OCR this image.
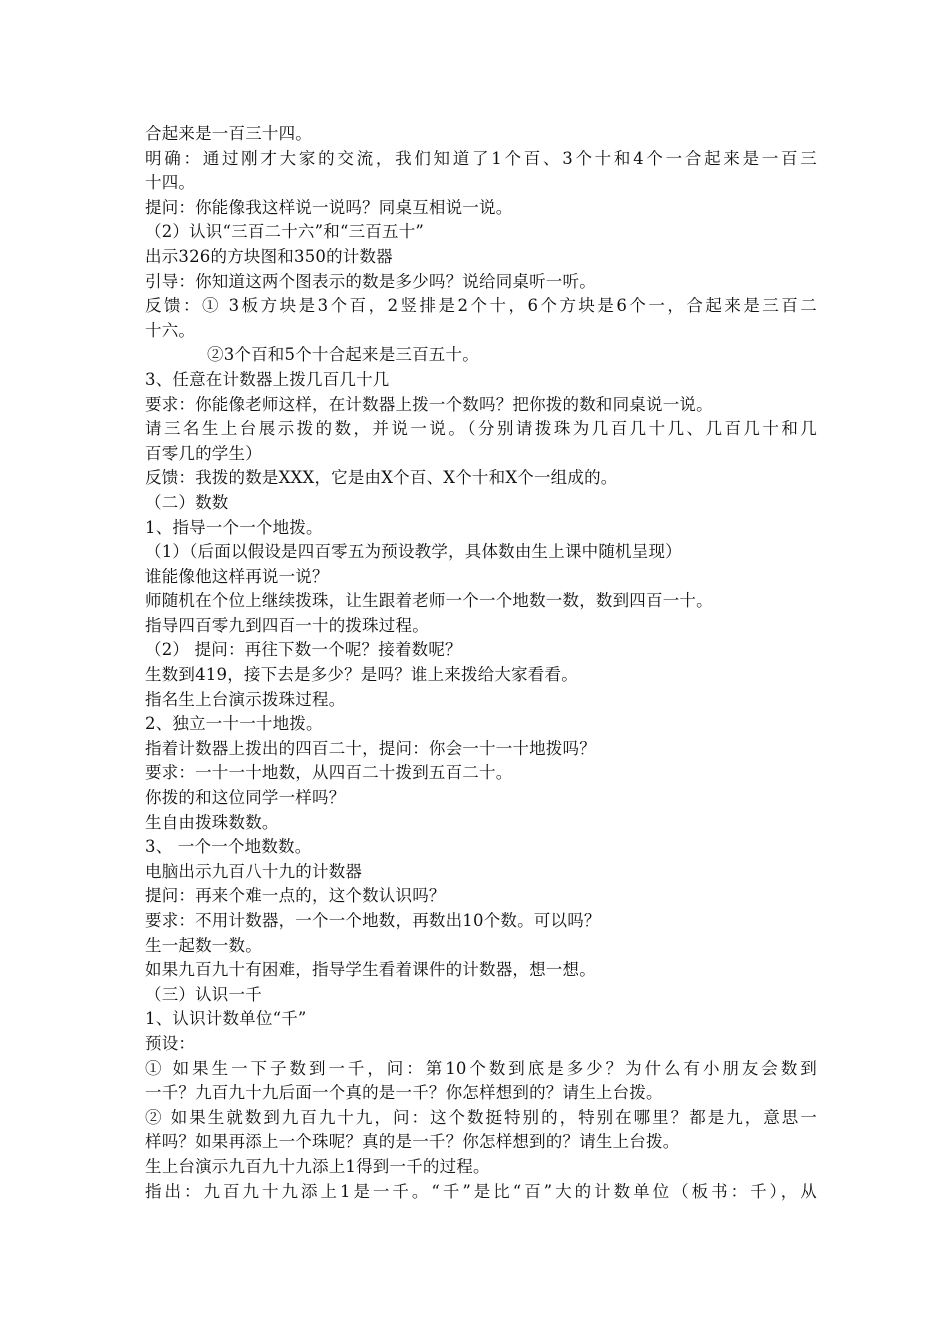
合起来是一百三十四。
明确：通过刚才大家的交流，我们知道了1个百、3个十和4个一合起来是一百三
十四。
提问：你能像我这样说一说吗？同桌互相说一说。
（2）认识“三百二十六”和“三百五十”
出示326的方块图和350的计数器
引导：你知道这两个图表示的数是多少吗？说给同桌听一听。
反馈：① 3板方块是3个百，2竖排是2个十，6个方块是6个一，合起来是三百二
十六。
②3个百和5个十合起来是三百五十。
3、任意在计数器上拨几百几十几
要求：你能像老师这样，在计数器上拨一个数吗？把你拨的数和同桌说一说。
请三名生上台展示拨的数，并说一说。（分别请拨珠为几百几十几、几百几十和几
百零几的学生）
反馈：我拨的数是XXX，它是由X个百、X个十和X个一组成的。
（二）数数
1、指导一个一个地拨。
（1）（后面以假设是四百零五为预设教学，具体数由生上课中随机呈现）
谁能像他这样再说一说？
师随机在个位上继续拨珠，让生跟着老师一个一个地数一数，数到四百一十。
指导四百零九到四百一十的拨珠过程。
（2） 提问：再往下数一个呢？接着数呢？
生数到419，接下去是多少？是吗？谁上来拨给大家看看。
指名生上台演示拨珠过程。
2、独立一十一十地拨。
指着计数器上拨出的四百二十，提问：你会一十一十地拨吗？
要求：一十一十地数，从四百二十拨到五百二十。
你拨的和这位同学一样吗？
生自由拨珠数数。
3、 一个一个地数数。
电脑出示九百八十九的计数器
提问：再来个难一点的，这个数认识吗？
要求：不用计数器，一个一个地数，再数出10个数。可以吗？
生一起数一数。
如果九百九十有困难，指导学生看着课件的计数器，想一想。
（三）认识一千
1、认识计数单位“千”
预设：
① 如果生一下子数到一千，问：第10个数到底是多少？为什么有小朋友会数到
一千？九百九十九后面一个真的是一千？你怎样想到的？请生上台拨。
② 如果生就数到九百九十九，问：这个数挺特别的，特别在哪里？都是九，意思一
样吗？如果再添上一个珠呢？真的是一千？你怎样想到的？请生上台拨。
生上台演示九百九十九添上1得到一千的过程。
指出：九百九十九添上1是一千。“千”是比“百”大的计数单位（板书：千），从
